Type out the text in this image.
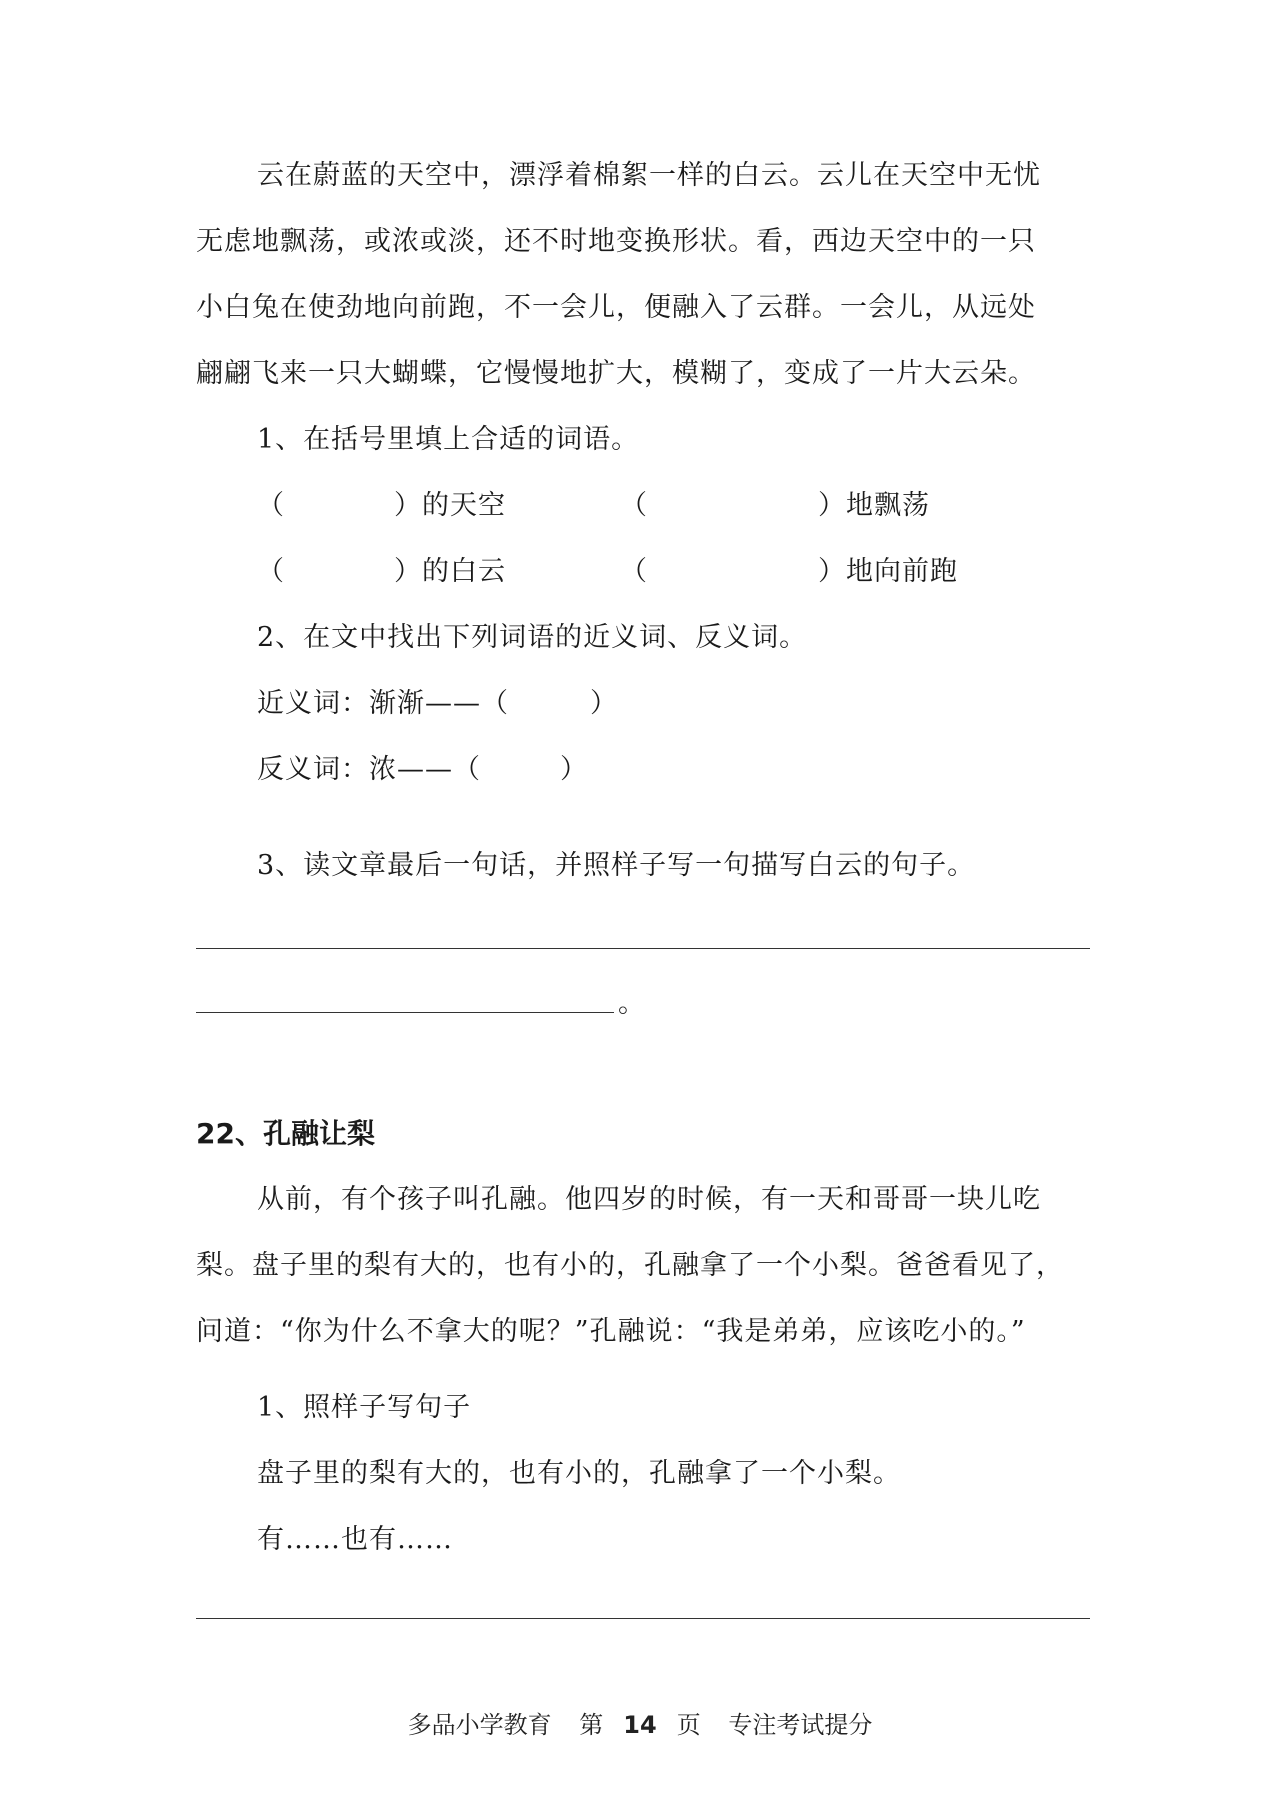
云在蔚蓝的天空中，漂浮着棉絮一样的白云。云儿在天空中无忧
无虑地飘荡，或浓或淡，还不时地变换形状。看，西边天空中的一只
小白兔在使劲地向前跑，不一会儿，便融入了云群。一会儿，从远处
翩翩飞来一只大蝴蝶，它慢慢地扩大，模糊了，变成了一片大云朵。
1、在括号里填上合适的词语。
（	）的天空	（	）地飘荡
（	）的白云	（	）地向前跑
2、在文中找出下列词语的近义词、反义词。
近义词：渐渐——（	）
反义词：浓——（	）
3、读文章最后一句话，并照样子写一句描写白云的句子。
。
22、孔融让梨
从前，有个孩子叫孔融。他四岁的时候，有一天和哥哥一块儿吃
梨。盘子里的梨有大的，也有小的，孔融拿了一个小梨。爸爸看见了，
问道：“你为什么不拿大的呢？”孔融说：“我是弟弟，应该吃小的。”
1、照样子写句子
盘子里的梨有大的，也有小的，孔融拿了一个小梨。
有……也有……
多品小学教育 第 14 页 专注考试提分
